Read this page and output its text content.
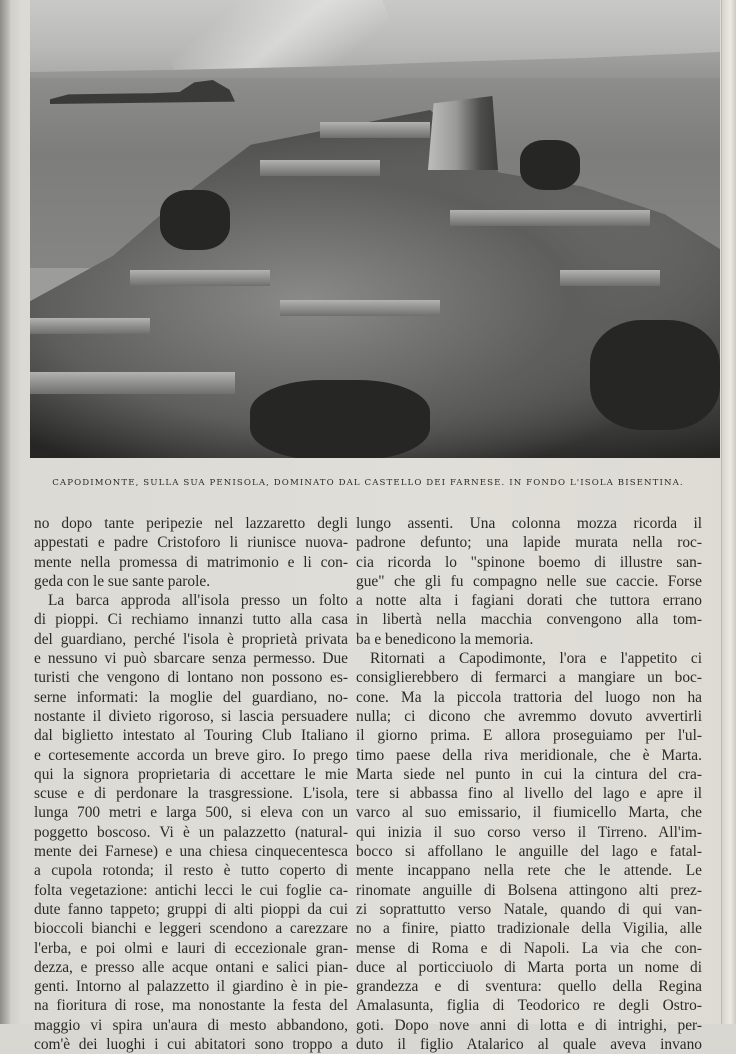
CAPODIMONTE, SULLA SUA PENISOLA, DOMINATO DAL CASTELLO DEI FARNESE. IN FONDO L'ISOLA BISENTINA.
no dopo tante peripezie nel lazzaretto degli
appestati e padre Cristoforo li riunisce nuova-
mente nella promessa di matrimonio e li con-
geda con le sue sante parole.
La barca approda all'isola presso un folto
di pioppi. Ci rechiamo innanzi tutto alla casa
del guardiano, perché l'isola è proprietà privata
e nessuno vi può sbarcare senza permesso. Due
turisti che vengono di lontano non possono es-
serne informati: la moglie del guardiano, no-
nostante il divieto rigoroso, si lascia persuadere
dal biglietto intestato al Touring Club Italiano
e cortesemente accorda un breve giro. Io prego
qui la signora proprietaria di accettare le mie
scuse e di perdonare la trasgressione. L'isola,
lunga 700 metri e larga 500, si eleva con un
poggetto boscoso. Vi è un palazzetto (natural-
mente dei Farnese) e una chiesa cinquecentesca
a cupola rotonda; il resto è tutto coperto di
folta vegetazione: antichi lecci le cui foglie ca-
dute fanno tappeto; gruppi di alti pioppi da cui
bioccoli bianchi e leggeri scendono a carezzare
l'erba, e poi olmi e lauri di eccezionale gran-
dezza, e presso alle acque ontani e salici pian-
genti. Intorno al palazzetto il giardino è in pie-
na fioritura di rose, ma nonostante la festa del
maggio vi spira un'aura di mesto abbandono,
com'è dei luoghi i cui abitatori sono troppo a
lungo assenti. Una colonna mozza ricorda il
padrone defunto; una lapide murata nella roc-
cia ricorda lo "spinone boemo di illustre san-
gue" che gli fu compagno nelle sue caccie. Forse
a notte alta i fagiani dorati che tuttora errano
in libertà nella macchia convengono alla tom-
ba e benedicono la memoria.
Ritornati a Capodimonte, l'ora e l'appetito ci
consiglierebbero di fermarci a mangiare un boc-
cone. Ma la piccola trattoria del luogo non ha
nulla; ci dicono che avremmo dovuto avvertirli
il giorno prima. E allora proseguiamo per l'ul-
timo paese della riva meridionale, che è Marta.
Marta siede nel punto in cui la cintura del cra-
tere si abbassa fino al livello del lago e apre il
varco al suo emissario, il fiumicello Marta, che
qui inizia il suo corso verso il Tirreno. All'im-
bocco si affollano le anguille del lago e fatal-
mente incappano nella rete che le attende. Le
rinomate anguille di Bolsena attingono alti prez-
zi soprattutto verso Natale, quando di qui van-
no a finire, piatto tradizionale della Vigilia, alle
mense di Roma e di Napoli. La via che con-
duce al porticciuolo di Marta porta un nome di
grandezza e di sventura: quello della Regina
Amalasunta, figlia di Teodorico re degli Ostro-
goti. Dopo nove anni di lotta e di intrighi, per-
duto il figlio Atalarico al quale aveva invano
